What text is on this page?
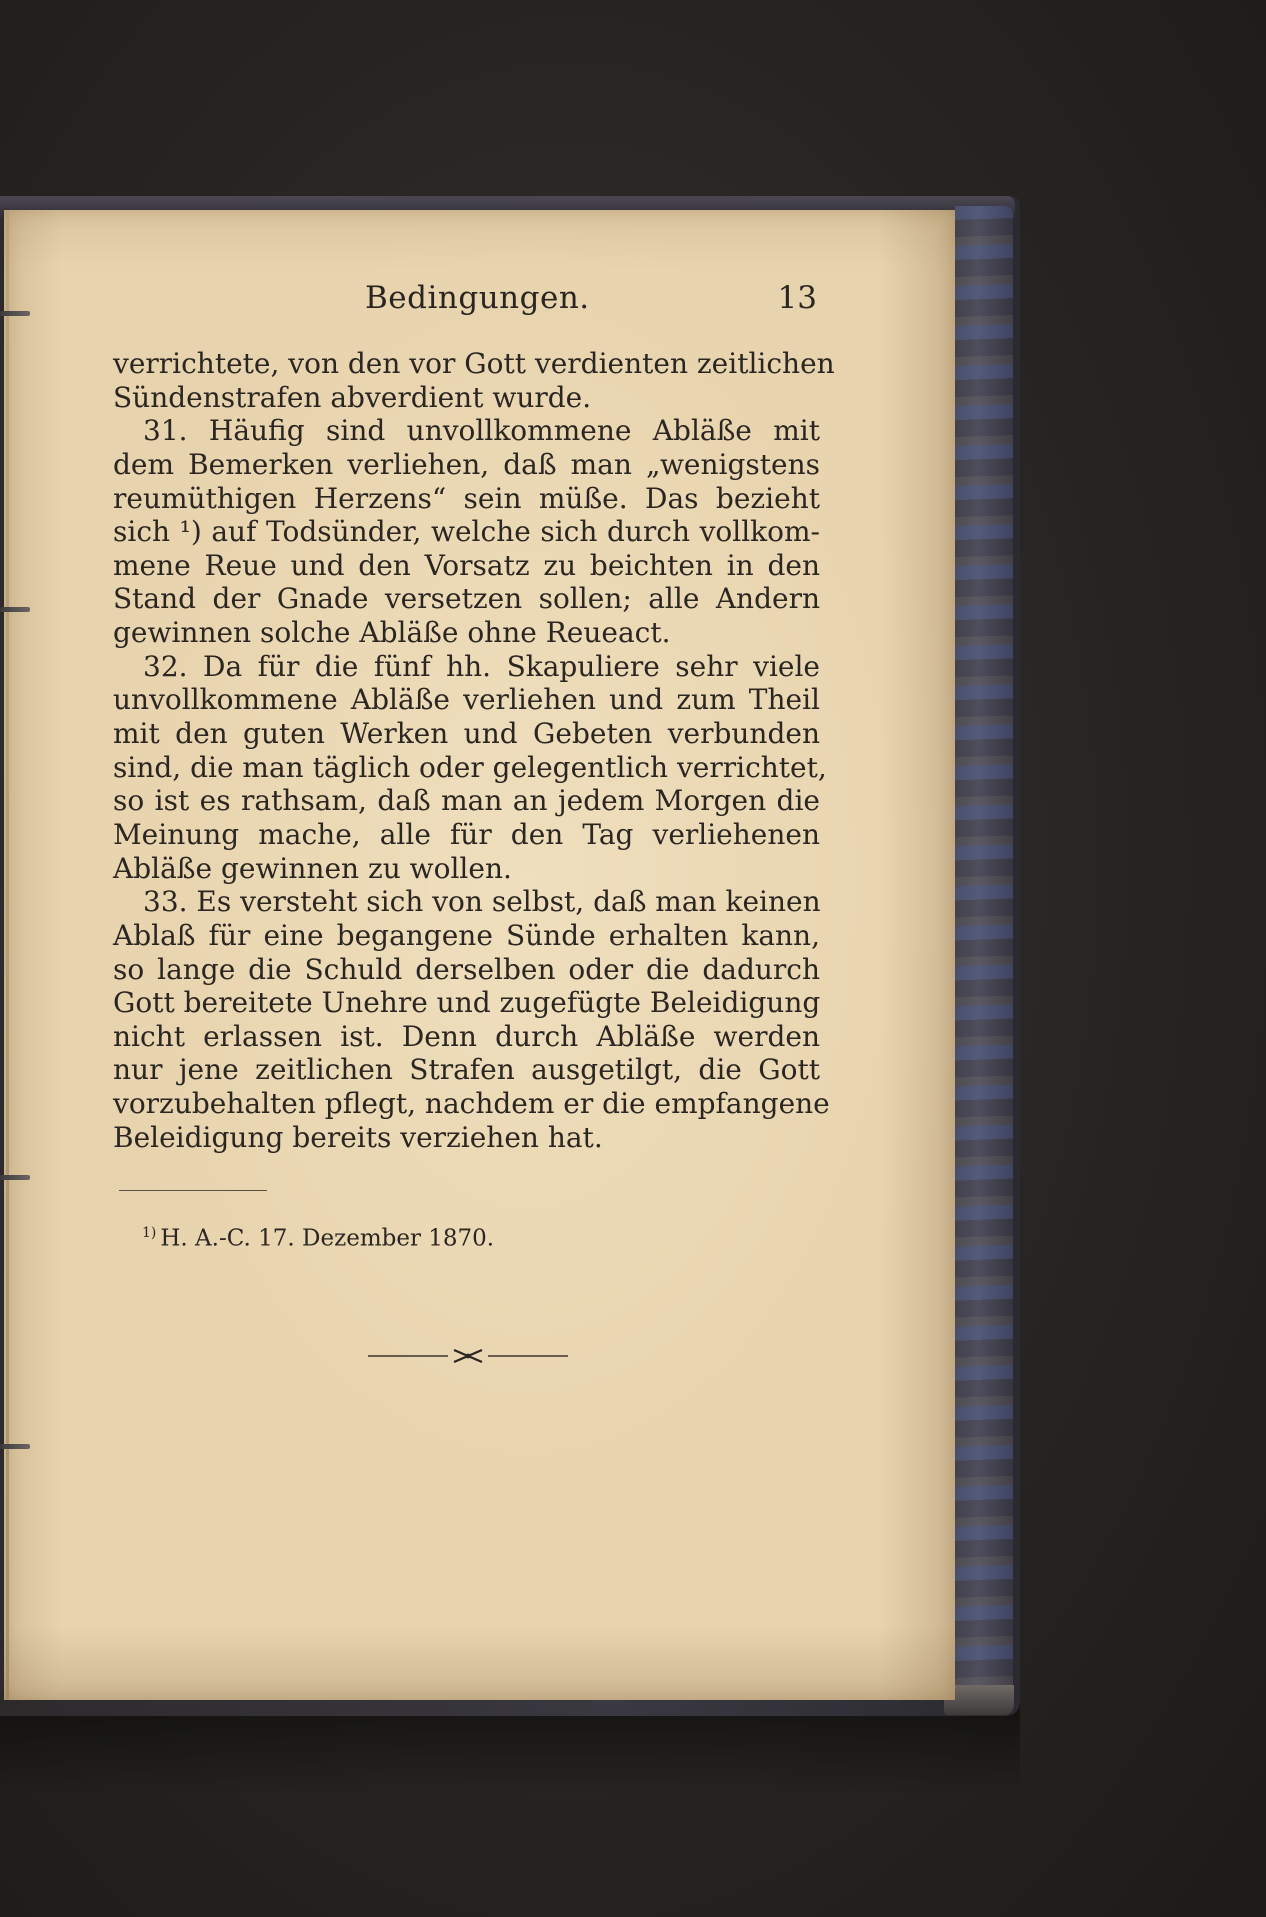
Bedingungen.	13
verrichtete, von den vor Gott verdienten zeitlichen
Sündenstrafen abverdient wurde.
31. Häufig sind unvollkommene Abläße mit
dem Bemerken verliehen, daß man „wenigstens
reumüthigen Herzens“ sein müße. Das bezieht
sich ¹) auf Todsünder, welche sich durch vollkom-
mene Reue und den Vorsatz zu beichten in den
Stand der Gnade versetzen sollen; alle Andern
gewinnen solche Abläße ohne Reueact.
32. Da für die fünf hh. Skapuliere sehr viele
unvollkommene Abläße verliehen und zum Theil
mit den guten Werken und Gebeten verbunden
sind, die man täglich oder gelegentlich verrichtet,
so ist es rathsam, daß man an jedem Morgen die
Meinung mache, alle für den Tag verliehenen
Abläße gewinnen zu wollen.
33. Es versteht sich von selbst, daß man keinen
Ablaß für eine begangene Sünde erhalten kann,
so lange die Schuld derselben oder die dadurch
Gott bereitete Unehre und zugefügte Beleidigung
nicht erlassen ist. Denn durch Abläße werden
nur jene zeitlichen Strafen ausgetilgt, die Gott
vorzubehalten pflegt, nachdem er die empfangene
Beleidigung bereits verziehen hat.
$^{1)}$ H. A.-C. 17. Dezember 1870.
